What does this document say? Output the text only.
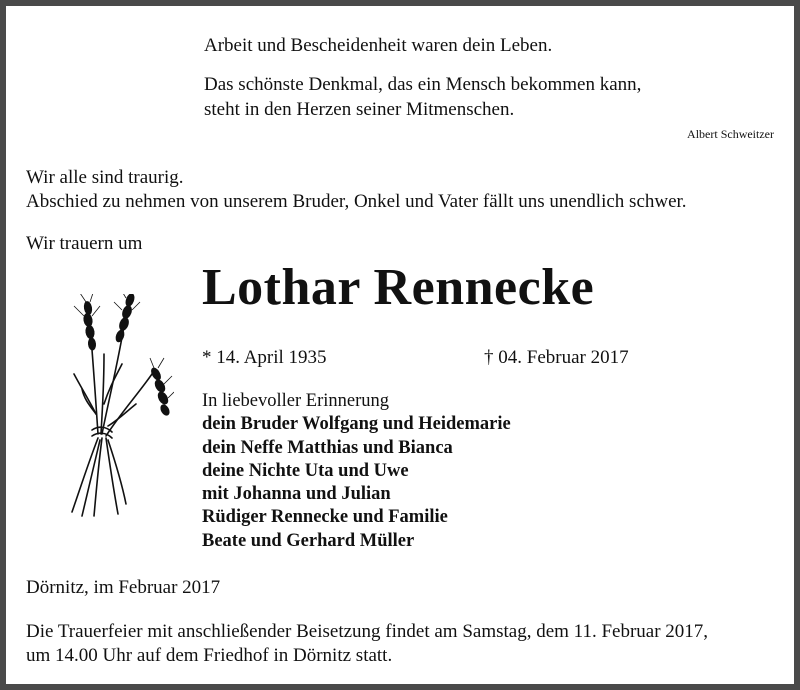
Arbeit und Bescheidenheit waren dein Leben.
Das schönste Denkmal, das ein Mensch bekommen kann,
steht in den Herzen seiner Mitmenschen.
Albert Schweitzer
Wir alle sind traurig.
Abschied zu nehmen von unserem Bruder, Onkel und Vater fällt uns unendlich schwer.
Wir trauern um
Lothar Rennecke
* 14. April 1935	† 04. Februar 2017
In liebevoller Erinnerung
dein Bruder Wolfgang und Heidemarie
dein Neffe Matthias und Bianca
deine Nichte Uta und Uwe
mit Johanna und Julian
Rüdiger Rennecke und Familie
Beate und Gerhard Müller
Dörnitz, im Februar 2017
Die Trauerfeier mit anschließender Beisetzung findet am Samstag, dem 11. Februar 2017,
um 14.00 Uhr auf dem Friedhof in Dörnitz statt.
